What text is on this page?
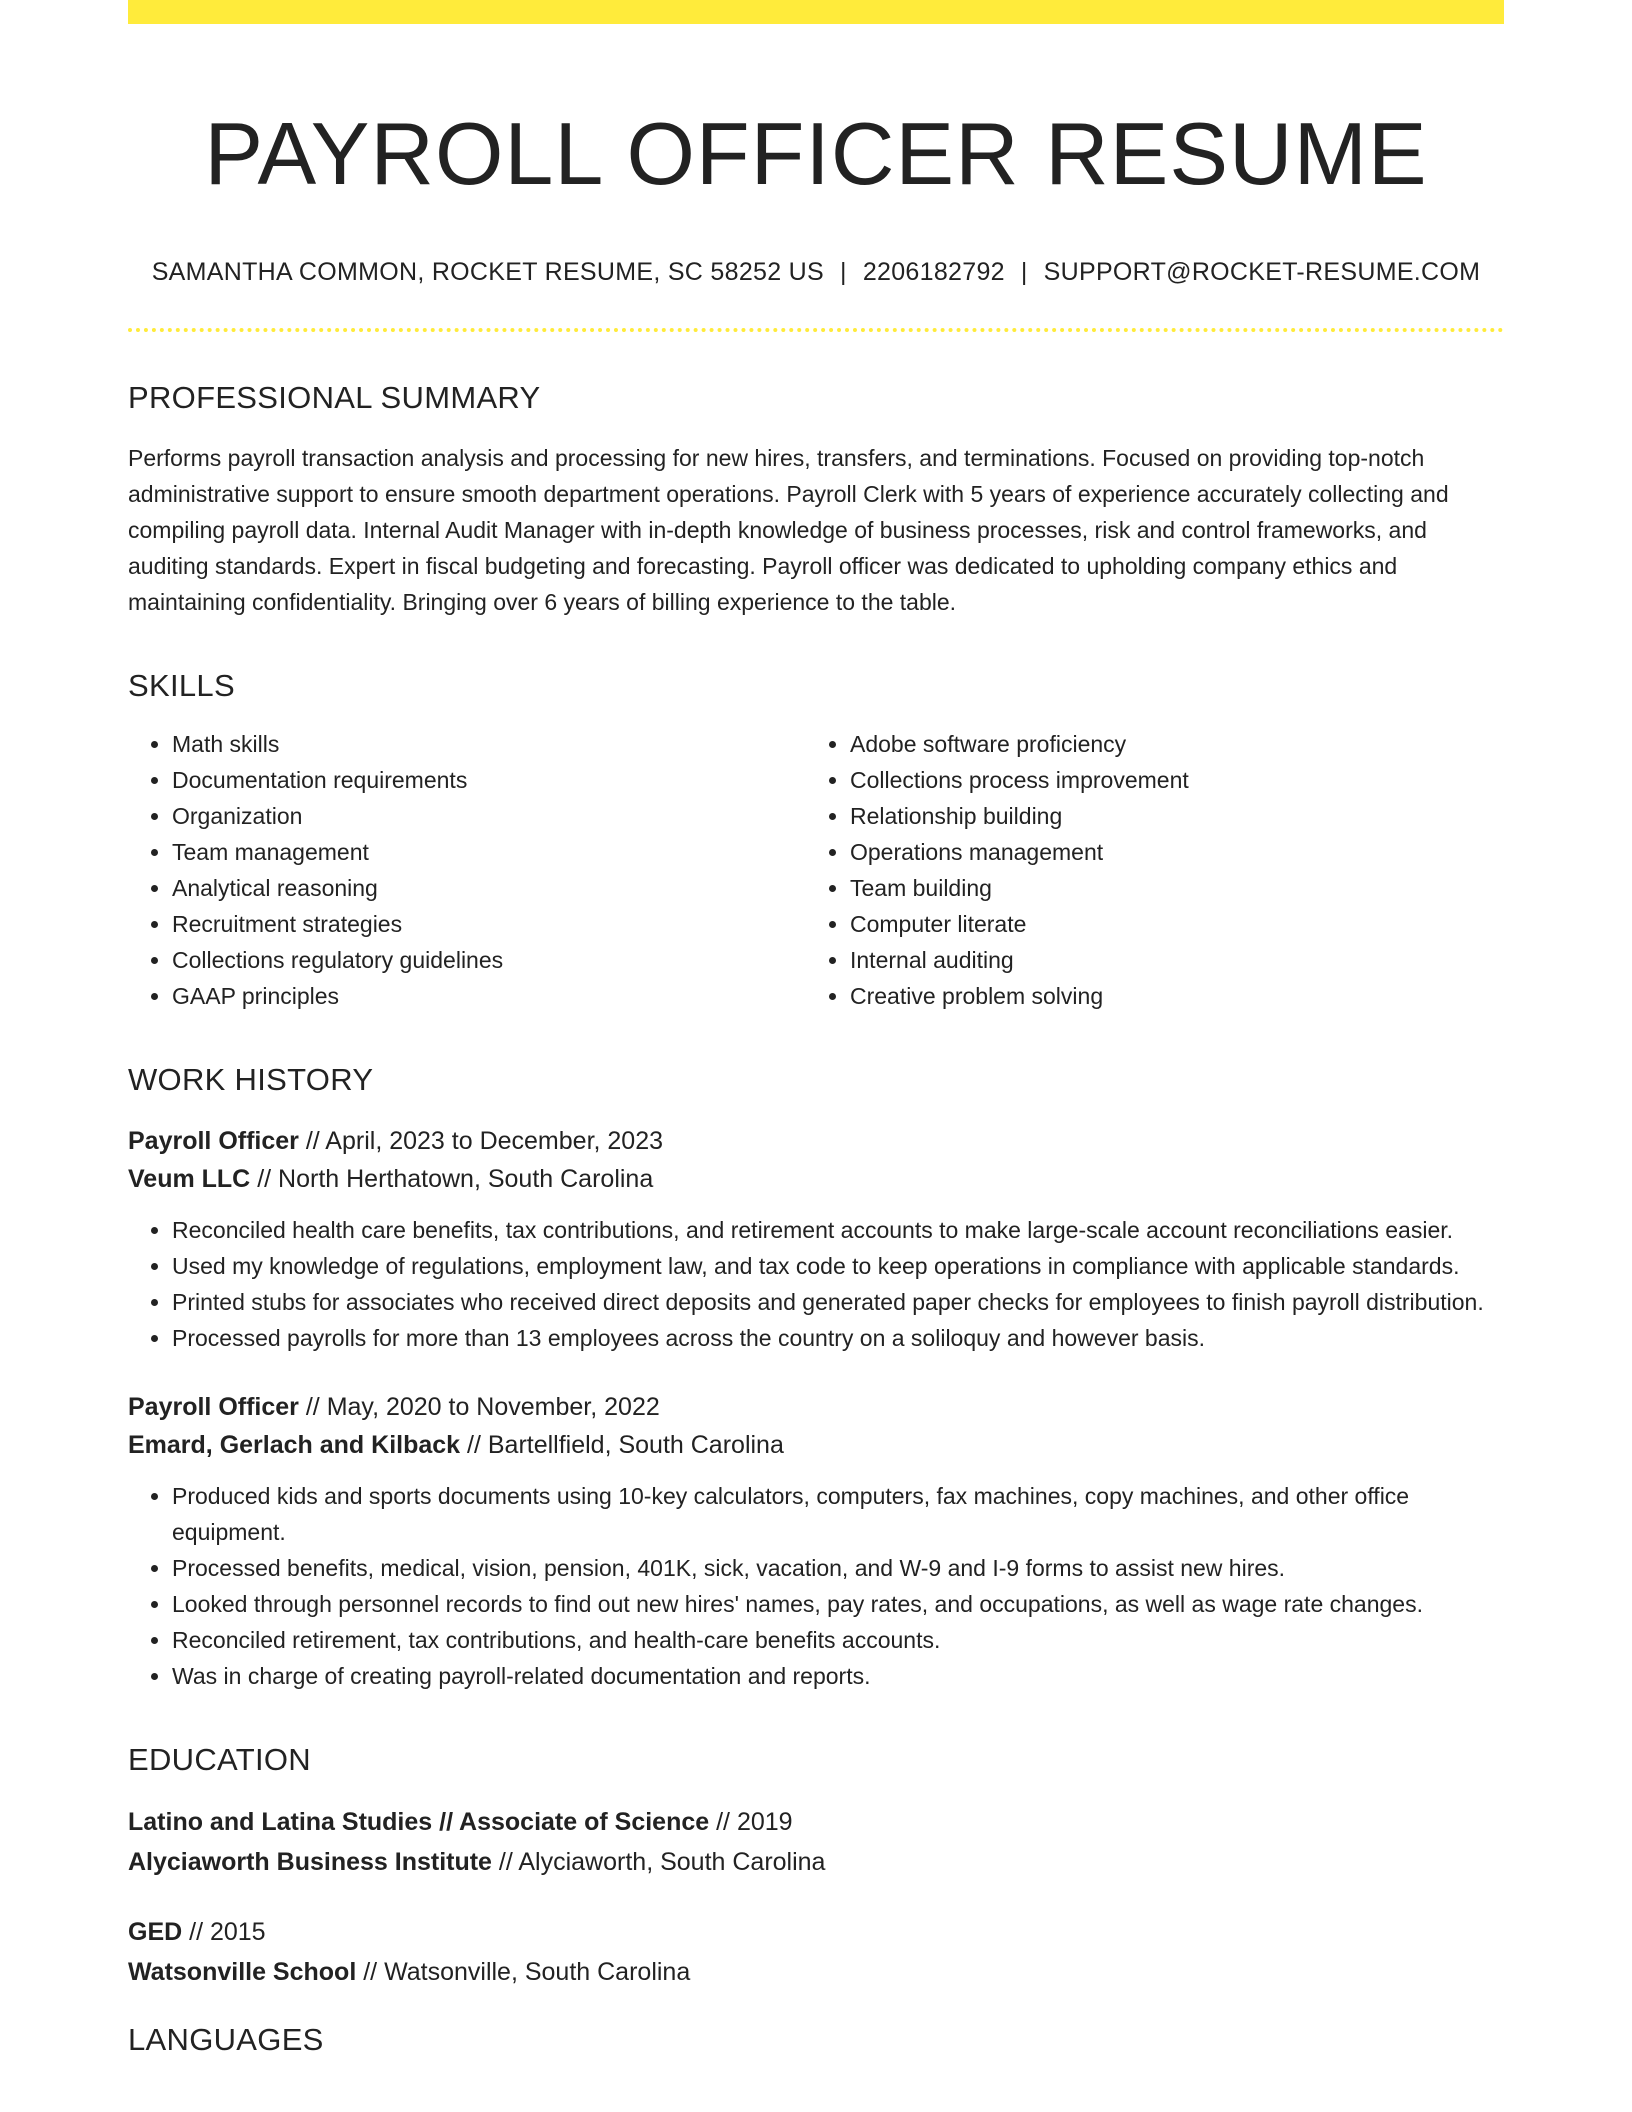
PAYROLL OFFICER RESUME
SAMANTHA COMMON, ROCKET RESUME, SC 58252 US | 2206182792 | SUPPORT@ROCKET-RESUME.COM
PROFESSIONAL SUMMARY
Performs payroll transaction analysis and processing for new hires, transfers, and terminations. Focused on providing top-notch administrative support to ensure smooth department operations. Payroll Clerk with 5 years of experience accurately collecting and compiling payroll data. Internal Audit Manager with in-depth knowledge of business processes, risk and control frameworks, and auditing standards. Expert in fiscal budgeting and forecasting. Payroll officer was dedicated to upholding company ethics and maintaining confidentiality. Bringing over 6 years of billing experience to the table.
SKILLS
• Math skills
• Documentation requirements
• Organization
• Team management
• Analytical reasoning
• Recruitment strategies
• Collections regulatory guidelines
• GAAP principles
• Adobe software proficiency
• Collections process improvement
• Relationship building
• Operations management
• Team building
• Computer literate
• Internal auditing
• Creative problem solving
WORK HISTORY
Payroll Officer // April, 2023 to December, 2023
Veum LLC // North Herthatown, South Carolina
• Reconciled health care benefits, tax contributions, and retirement accounts to make large-scale account reconciliations easier.
• Used my knowledge of regulations, employment law, and tax code to keep operations in compliance with applicable standards.
• Printed stubs for associates who received direct deposits and generated paper checks for employees to finish payroll distribution.
• Processed payrolls for more than 13 employees across the country on a soliloquy and however basis.
Payroll Officer // May, 2020 to November, 2022
Emard, Gerlach and Kilback // Bartellfield, South Carolina
• Produced kids and sports documents using 10-key calculators, computers, fax machines, copy machines, and other office equipment.
• Processed benefits, medical, vision, pension, 401K, sick, vacation, and W-9 and I-9 forms to assist new hires.
• Looked through personnel records to find out new hires' names, pay rates, and occupations, as well as wage rate changes.
• Reconciled retirement, tax contributions, and health-care benefits accounts.
• Was in charge of creating payroll-related documentation and reports.
EDUCATION
Latino and Latina Studies // Associate of Science // 2019
Alyciaworth Business Institute // Alyciaworth, South Carolina
GED // 2015
Watsonville School // Watsonville, South Carolina
LANGUAGES
